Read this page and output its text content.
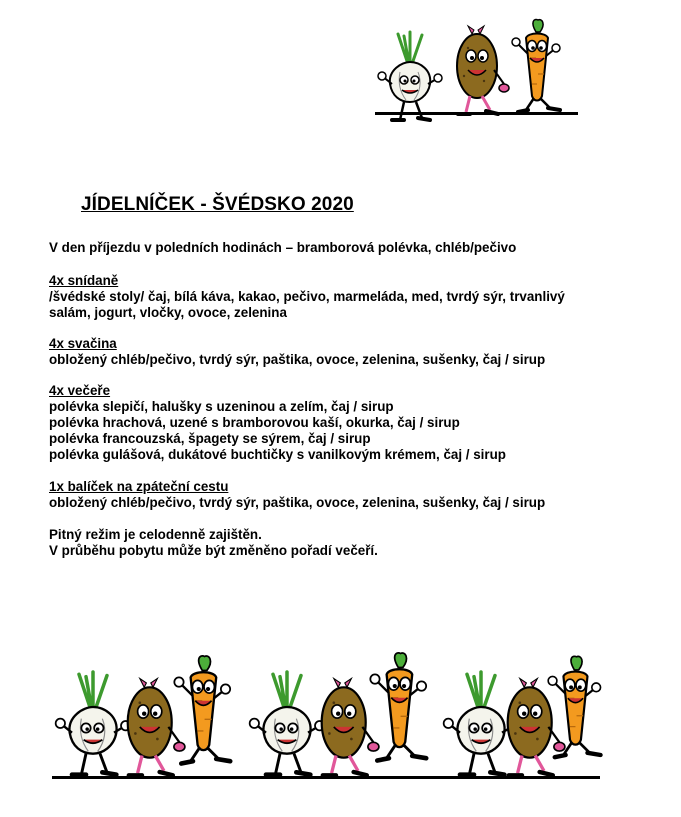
JÍDELNÍČEK - ŠVÉDSKO 2020
V den příjezdu v poledních hodinách – bramborová polévka, chléb/pečivo
4x snídaně
/švédské stoly/ čaj, bílá káva, kakao, pečivo, marmeláda, med, tvrdý sýr, trvanlivý
salám, jogurt, vločky, ovoce, zelenina
4x svačina
obložený chléb/pečivo, tvrdý sýr, paštika, ovoce, zelenina, sušenky, čaj / sirup
4x večeře
polévka slepičí, halušky s uzeninou a zelím, čaj / sirup
polévka hrachová, uzené s bramborovou kaší, okurka, čaj / sirup
polévka francouzská, špagety se sýrem, čaj / sirup
polévka gulášová, dukátové buchtičky s vanilkovým krémem, čaj / sirup
1x balíček na zpáteční cestu
obložený chléb/pečivo, tvrdý sýr, paštika, ovoce, zelenina, sušenky, čaj / sirup
Pitný režim je celodenně zajištěn.
V průběhu pobytu může být změněno pořadí večeří.
